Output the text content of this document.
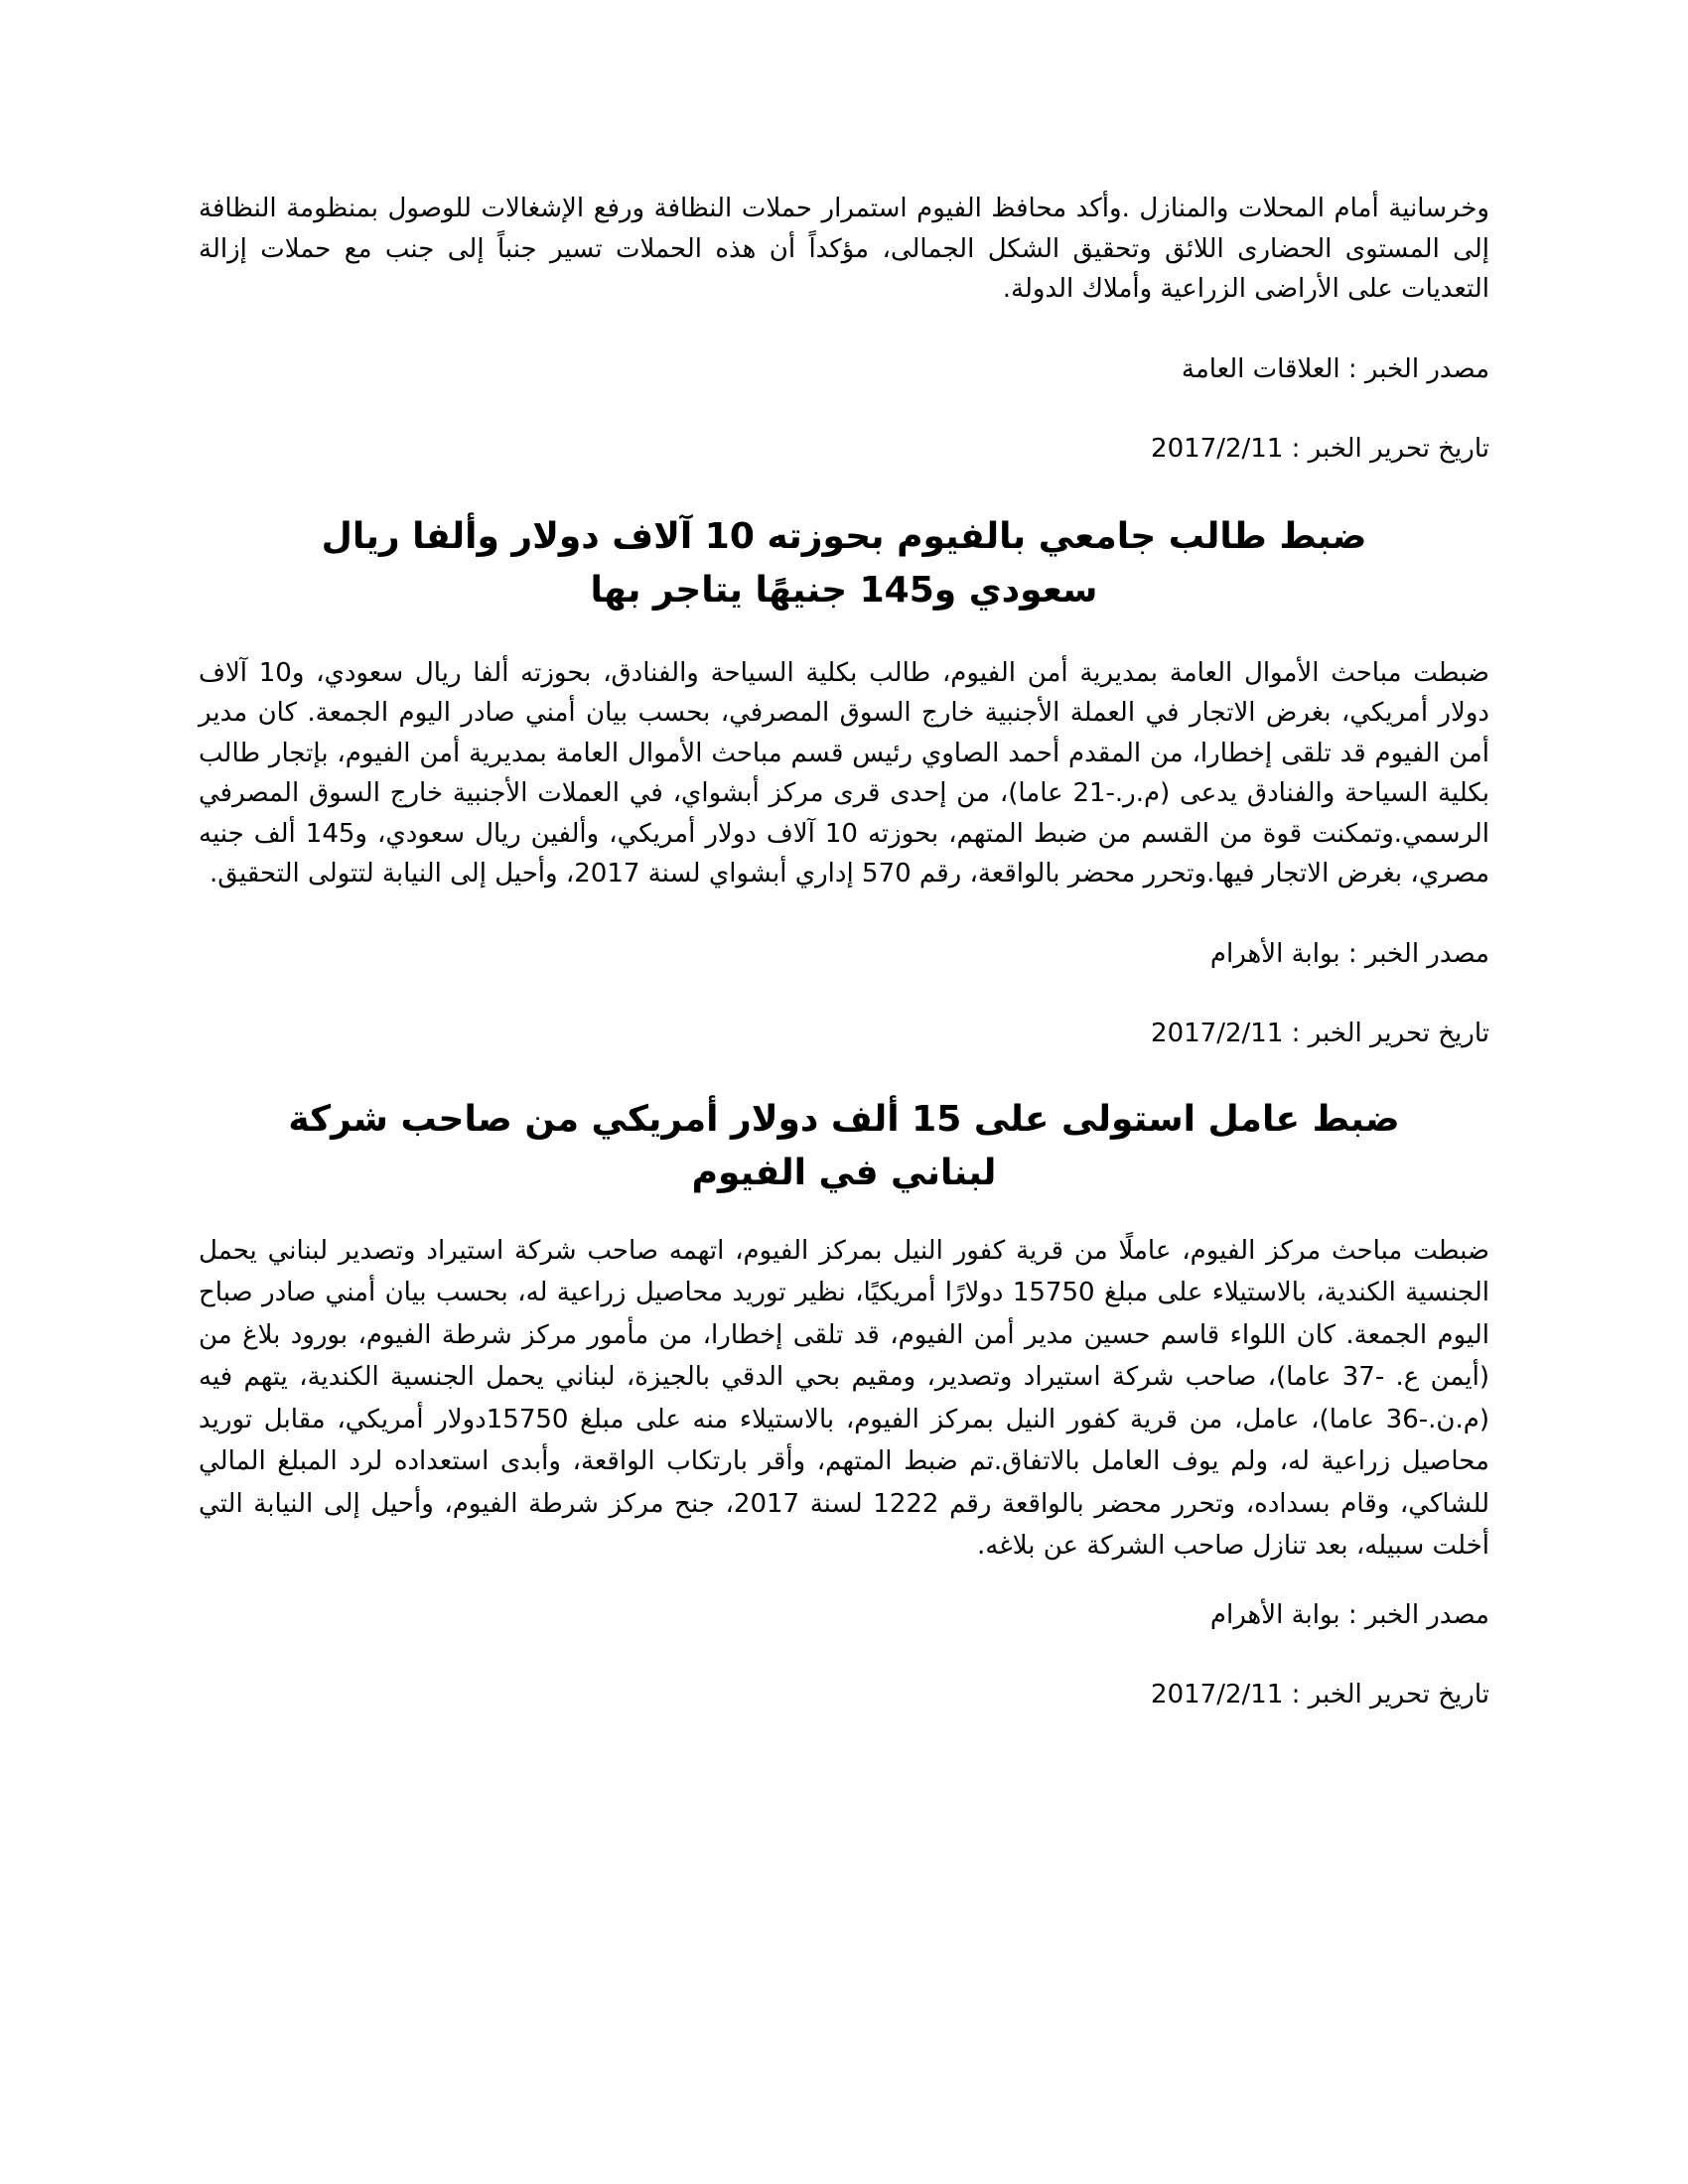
وخرسانية أمام المحلات والمنازل .وأكد محافظ الفيوم استمرار حملات النظافة ورفع الإشغالات للوصول بمنظومة النظافة إلى المستوى الحضارى اللائق وتحقيق الشكل الجمالى، مؤكداً أن هذه الحملات تسير جنباً إلى جنب مع حملات إزالة التعديات على الأراضى الزراعية وأملاك الدولة.

مصدر الخبر : العلاقات العامة

تاريخ تحرير الخبر : 2017/2/11

ضبط طالب جامعي بالفيوم بحوزته 10 آلاف دولار وألفا ريال سعودي و145 جنيهًا يتاجر بها

ضبطت مباحث الأموال العامة بمديرية أمن الفيوم، طالب بكلية السياحة والفنادق، بحوزته ألفا ريال سعودي، و10 آلاف دولار أمريكي، بغرض الاتجار في العملة الأجنبية خارج السوق المصرفي، بحسب بيان أمني صادر اليوم الجمعة. كان مدير أمن الفيوم قد تلقى إخطارا، من المقدم أحمد الصاوي رئيس قسم مباحث الأموال العامة بمديرية أمن الفيوم، بإتجار طالب بكلية السياحة والفنادق يدعى (م.ر.-21 عاما)، من إحدى قرى مركز أبشواي، في العملات الأجنبية خارج السوق المصرفي الرسمي.وتمكنت قوة من القسم من ضبط المتهم، بحوزته 10 آلاف دولار أمريكي، وألفين ريال سعودي، و145 ألف جنيه مصري، بغرض الاتجار فيها.وتحرر محضر بالواقعة، رقم 570 إداري أبشواي لسنة 2017، وأحيل إلى النيابة لتتولى التحقيق.

مصدر الخبر : بوابة الأهرام

تاريخ تحرير الخبر : 2017/2/11

ضبط عامل استولى على 15 ألف دولار أمريكي من صاحب شركة لبناني في الفيوم

ضبطت مباحث مركز الفيوم، عاملًا من قرية كفور النيل بمركز الفيوم، اتهمه صاحب شركة استيراد وتصدير لبناني يحمل الجنسية الكندية، بالاستيلاء على مبلغ 15750 دولارًا أمريكيًا، نظير توريد محاصيل زراعية له، بحسب بيان أمني صادر صباح اليوم الجمعة. كان اللواء قاسم حسين مدير أمن الفيوم، قد تلقى إخطارا، من مأمور مركز شرطة الفيوم، بورود بلاغ من (أيمن ع. -37 عاما)، صاحب شركة استيراد وتصدير، ومقيم بحي الدقي بالجيزة، لبناني يحمل الجنسية الكندية، يتهم فيه (م.ن.-36 عاما)، عامل، من قرية كفور النيل بمركز الفيوم، بالاستيلاء منه على مبلغ 15750دولار أمريكي، مقابل توريد محاصيل زراعية له، ولم يوف العامل بالاتفاق.تم ضبط المتهم، وأقر بارتكاب الواقعة، وأبدى استعداده لرد المبلغ المالي للشاكي، وقام بسداده، وتحرر محضر بالواقعة رقم 1222 لسنة 2017، جنح مركز شرطة الفيوم، وأحيل إلى النيابة التي أخلت سبيله، بعد تنازل صاحب الشركة عن بلاغه.

مصدر الخبر : بوابة الأهرام

تاريخ تحرير الخبر : 2017/2/11
